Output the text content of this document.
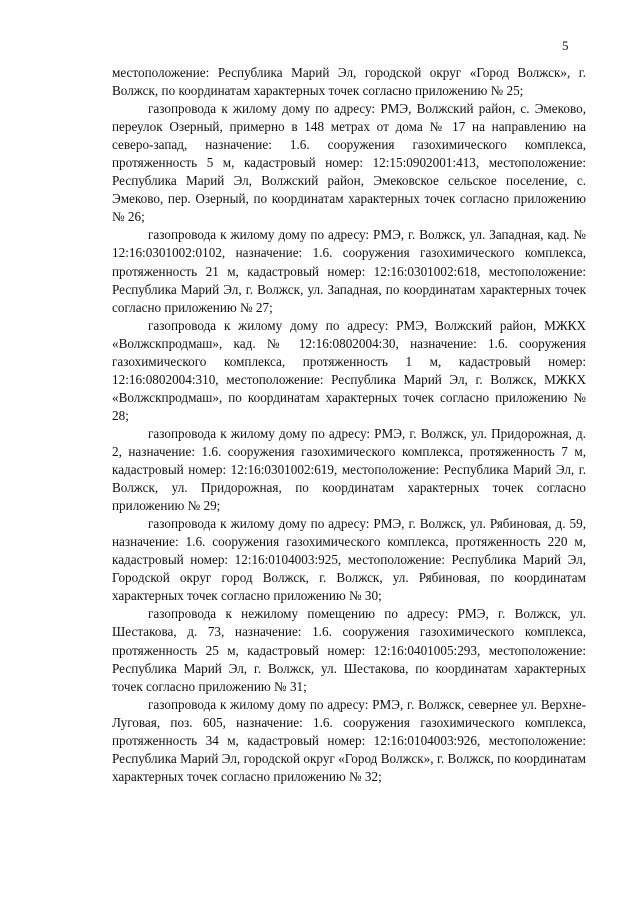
5

местоположение: Республика Марий Эл, городской округ «Город Волжск», г. Волжск, по координатам характерных точек согласно приложению № 25;

газопровода к жилому дому по адресу: РМЭ, Волжский район, с. Эмеково, переулок Озерный, примерно в 148 метрах от дома № 17 на направлению на северо-запад, назначение: 1.6. сооружения газохимического комплекса, протяженность 5 м, кадастровый номер: 12:15:0902001:413, местоположение: Республика Марий Эл, Волжский район, Эмековское сельское поселение, с. Эмеково, пер. Озерный, по координатам характерных точек согласно приложению № 26;

газопровода к жилому дому по адресу: РМЭ, г. Волжск, ул. Западная, кад. № 12:16:0301002:0102, назначение: 1.6. сооружения газохимического комплекса, протяженность 21 м, кадастровый номер: 12:16:0301002:618, местоположение: Республика Марий Эл, г. Волжск, ул. Западная, по координатам характерных точек согласно приложению № 27;

газопровода к жилому дому по адресу: РМЭ, Волжский район, МЖКХ «Волжскпродмаш», кад. № 12:16:0802004:30, назначение: 1.6. сооружения газохимического комплекса, протяженность 1 м, кадастровый номер: 12:16:0802004:310, местоположение: Республика Марий Эл, г. Волжск, МЖКХ «Волжскпродмаш», по координатам характерных точек согласно приложению № 28;

газопровода к жилому дому по адресу: РМЭ, г. Волжск, ул. Придорожная, д. 2, назначение: 1.6. сооружения газохимического комплекса, протяженность 7 м, кадастровый номер: 12:16:0301002:619, местоположение: Республика Марий Эл, г. Волжск, ул. Придорожная, по координатам характерных точек согласно приложению № 29;

газопровода к жилому дому по адресу: РМЭ, г. Волжск, ул. Рябиновая, д. 59, назначение: 1.6. сооружения газохимического комплекса, протяженность 220 м, кадастровый номер: 12:16:0104003:925, местоположение: Республика Марий Эл, Городской округ город Волжск, г. Волжск, ул. Рябиновая, по координатам характерных точек согласно приложению № 30;

газопровода к нежилому помещению по адресу: РМЭ, г. Волжск, ул. Шестакова, д. 73, назначение: 1.6. сооружения газохимического комплекса, протяженность 25 м, кадастровый номер: 12:16:0401005:293, местоположение: Республика Марий Эл, г. Волжск, ул. Шестакова, по координатам характерных точек согласно приложению № 31;

газопровода к жилому дому по адресу: РМЭ, г. Волжск, севернее ул. Верхне-Луговая, поз. 605, назначение: 1.6. сооружения газохимического комплекса, протяженность 34 м, кадастровый номер: 12:16:0104003:926, местоположение: Республика Марий Эл, городской округ «Город Волжск», г. Волжск, по координатам характерных точек согласно приложению № 32;
